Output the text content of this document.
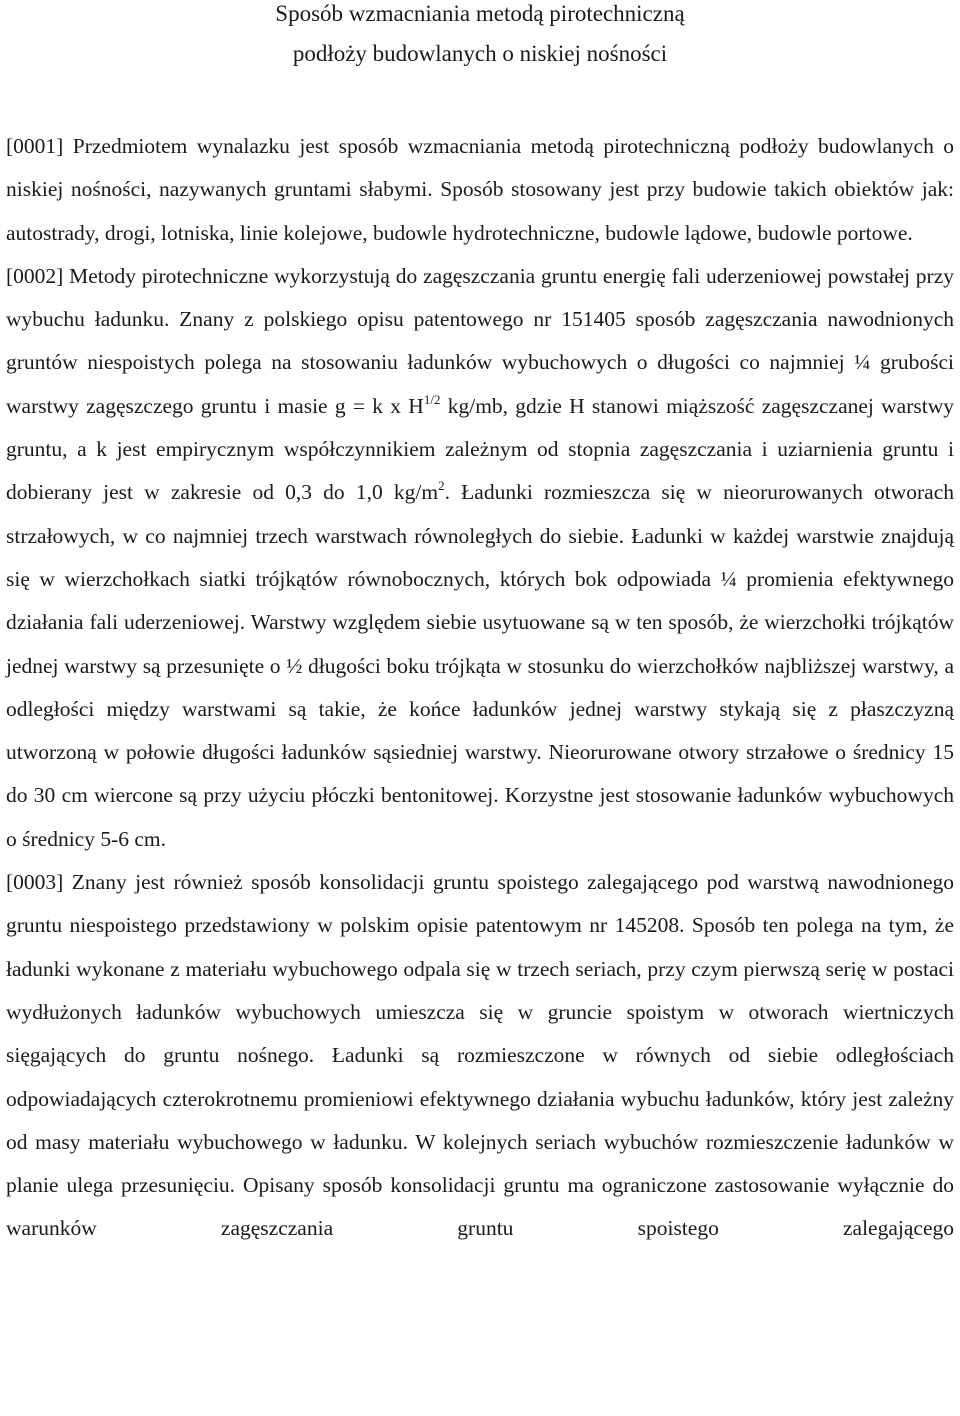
Sposób wzmacniania metodą pirotechniczną
podłoży budowlanych o niskiej nośności

[0001] Przedmiotem wynalazku jest sposób wzmacniania metodą pirotechniczną podłoży budowlanych o niskiej nośności, nazywanych gruntami słabymi. Sposób stosowany jest przy budowie takich obiektów jak: autostrady, drogi, lotniska, linie kolejowe, budowle hydrotechniczne, budowle lądowe, budowle portowe.

[0002] Metody pirotechniczne wykorzystują do zagęszczania gruntu energię fali uderzeniowej powstałej przy wybuchu ładunku. Znany z polskiego opisu patentowego nr 151405 sposób zagęszczania nawodnionych gruntów niespoistych polega na stosowaniu ładunków wybuchowych o długości co najmniej ¼ grubości warstwy zagęszczego gruntu i masie g = k x $H^{1/2}$ kg/mb, gdzie H stanowi miąższość zagęszczanej warstwy gruntu, a k jest empirycznym współczynnikiem zależnym od stopnia zagęszczania i uziarnienia gruntu i dobierany jest w zakresie od 0,3 do 1,0 $kg/m^2$. Ładunki rozmieszcza się w nieorurowanych otworach strzałowych, w co najmniej trzech warstwach równoległych do siebie. Ładunki w każdej warstwie znajdują się w wierzchołkach siatki trójkątów równobocznych, których bok odpowiada ¼ promienia efektywnego działania fali uderzeniowej. Warstwy względem siebie usytuowane są w ten sposób, że wierzchołki trójkątów jednej warstwy są przesunięte o ½ długości boku trójkąta w stosunku do wierzchołków najbliższej warstwy, a odległości między warstwami są takie, że końce ładunków jednej warstwy stykają się z płaszczyzną utworzoną w połowie długości ładunków sąsiedniej warstwy. Nieorurowane otwory strzałowe o średnicy 15 do 30 cm wiercone są przy użyciu płóczki bentonitowej. Korzystne jest stosowanie ładunków wybuchowych o średnicy 5-6 cm.

[0003] Znany jest również sposób konsolidacji gruntu spoistego zalegającego pod warstwą nawodnionego gruntu niespoistego przedstawiony w polskim opisie patentowym nr 145208. Sposób ten polega na tym, że ładunki wykonane z materiału wybuchowego odpala się w trzech seriach, przy czym pierwszą serię w postaci wydłużonych ładunków wybuchowych umieszcza się w gruncie spoistym w otworach wiertniczych sięgających do gruntu nośnego. Ładunki są rozmieszczone w równych od siebie odległościach odpowiadających czterokrotnemu promieniowi efektywnego działania wybuchu ładunków, który jest zależny od masy materiału wybuchowego w ładunku. W kolejnych seriach wybuchów rozmieszczenie ładunków w planie ulega przesunięciu. Opisany sposób konsolidacji gruntu ma ograniczone zastosowanie wyłącznie do warunków zagęszczania gruntu spoistego zalegającego
